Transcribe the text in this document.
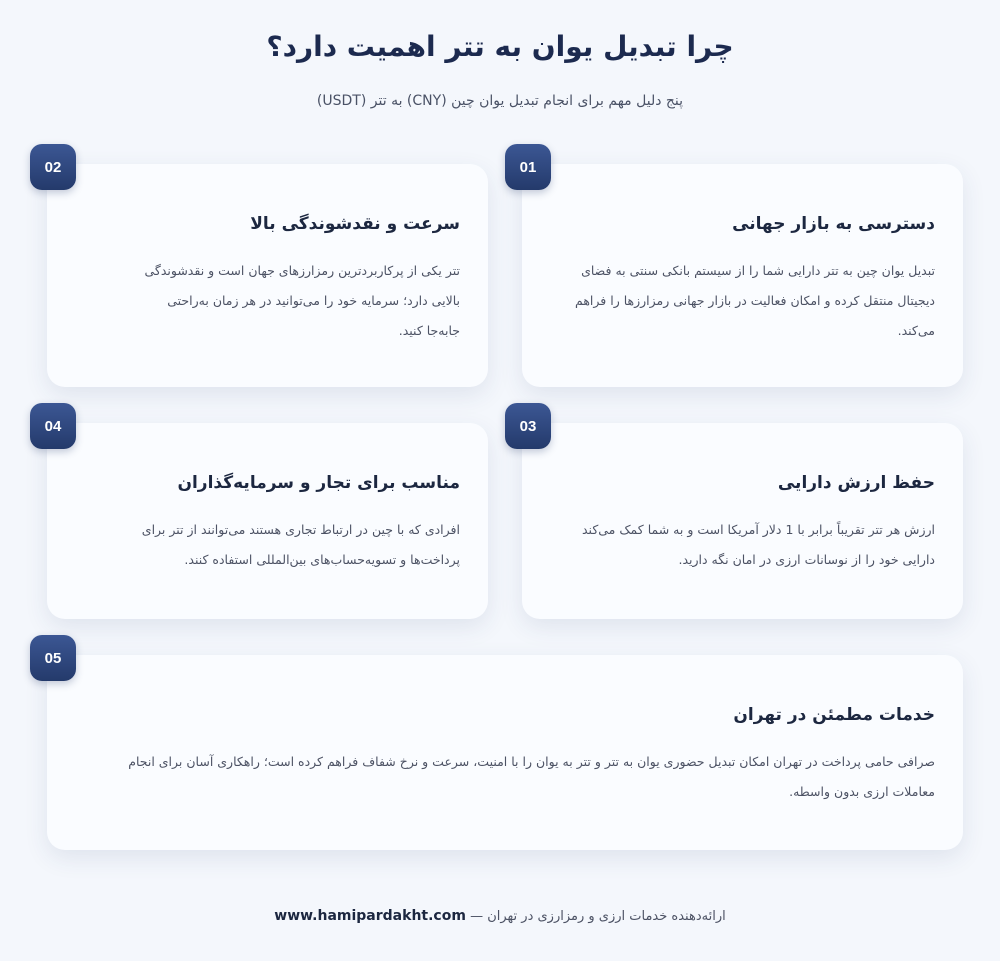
چرا تبدیل یوان به تتر اهمیت دارد؟
پنج دلیل مهم برای انجام تبدیل یوان چین (CNY) به تتر (USDT)
دسترسی به بازار جهانی
تبدیل یوان چین به تتر دارایی شما را از سیستم بانکی سنتی به فضای دیجیتال منتقل کرده و امکان فعالیت در بازار جهانی رمزارزها را فراهم می‌کند.
01
سرعت و نقدشوندگی بالا
تتر یکی از پرکاربردترین رمزارزهای جهان است و نقدشوندگی بالایی دارد؛ سرمایه خود را می‌توانید در هر زمان به‌راحتی جابه‌جا کنید.
02
حفظ ارزش دارایی
ارزش هر تتر تقریباً برابر با 1 دلار آمریکا است و به شما کمک می‌کند دارایی خود را از نوسانات ارزی در امان نگه دارید.
03
مناسب برای تجار و سرمایه‌گذاران
افرادی که با چین در ارتباط تجاری هستند می‌توانند از تتر برای پرداخت‌ها و تسویه‌حساب‌های بین‌المللی استفاده کنند.
04
خدمات مطمئن در تهران
صرافی حامی پرداخت در تهران امکان تبدیل حضوری یوان به تتر و تتر به یوان را با امنیت، سرعت و نرخ شفاف فراهم کرده است؛ راهکاری آسان برای انجام معاملات ارزی بدون واسطه.
05
ارائه‌دهنده خدمات ارزی و رمزارزی در تهران — www.hamipardakht.com
